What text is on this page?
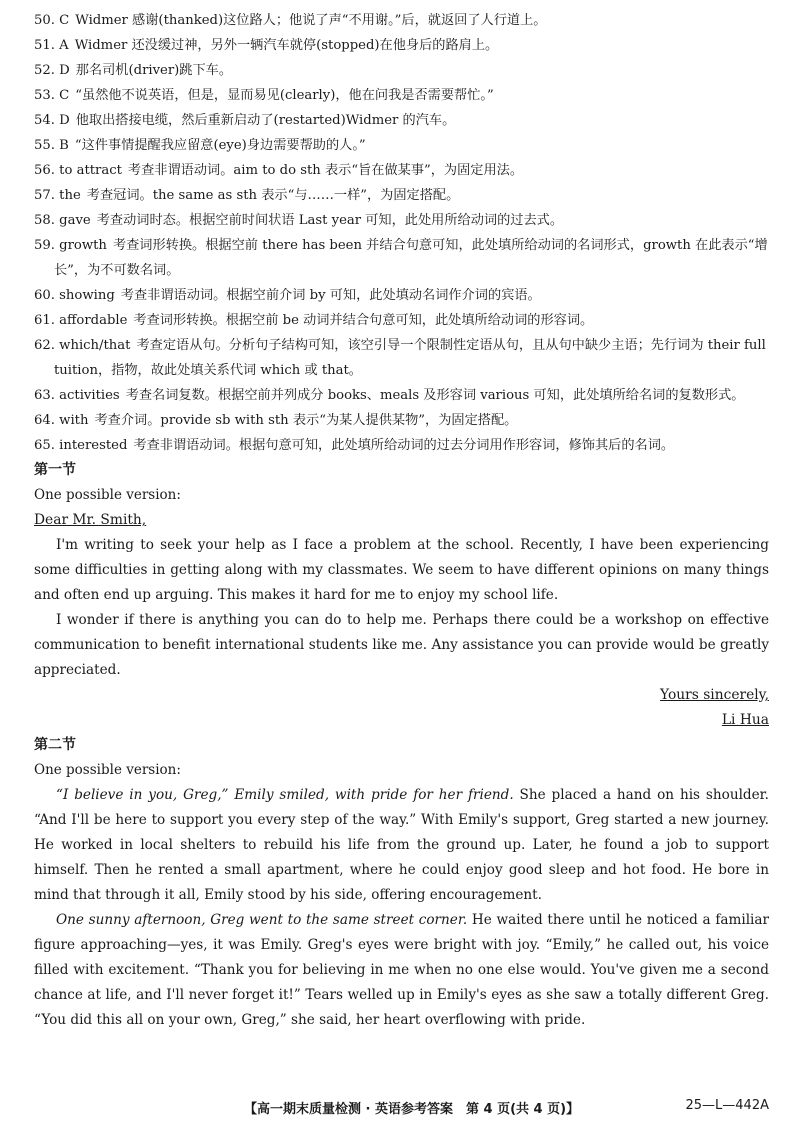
50. C Widmer 感谢(thanked)这位路人；他说了声“不用谢。”后，就返回了人行道上。

51. A Widmer 还没缓过神，另外一辆汽车就停(stopped)在他身后的路肩上。

52. D 那名司机(driver)跳下车。

53. C “虽然他不说英语，但是，显而易见(clearly)，他在问我是否需要帮忙。”

54. D 他取出搭接电缆，然后重新启动了(restarted)Widmer 的汽车。

55. B “这件事情提醒我应留意(eye)身边需要帮助的人。”

56. to attract 考查非谓语动词。aim to do sth 表示“旨在做某事”，为固定用法。

57. the 考查冠词。the same as sth 表示“与……一样”，为固定搭配。

58. gave 考查动词时态。根据空前时间状语 Last year 可知，此处用所给动词的过去式。

59. growth 考查词形转换。根据空前 there has been 并结合句意可知，此处填所给动词的名词形式，growth 在此表示“增长”，为不可数名词。

60. showing 考查非谓语动词。根据空前介词 by 可知，此处填动名词作介词的宾语。

61. affordable 考查词形转换。根据空前 be 动词并结合句意可知，此处填所给动词的形容词。

62. which/that 考查定语从句。分析句子结构可知，该空引导一个限制性定语从句，且从句中缺少主语；先行词为 their full tuition，指物，故此处填关系代词 which 或 that。

63. activities 考查名词复数。根据空前并列成分 books、meals 及形容词 various 可知，此处填所给名词的复数形式。

64. with 考查介词。provide sb with sth 表示“为某人提供某物”，为固定搭配。

65. interested 考查非谓语动词。根据句意可知，此处填所给动词的过去分词用作形容词，修饰其后的名词。

第一节

One possible version:

Dear Mr. Smith,

I'm writing to seek your help as I face a problem at the school. Recently, I have been experiencing some difficulties in getting along with my classmates. We seem to have different opinions on many things and often end up arguing. This makes it hard for me to enjoy my school life.

I wonder if there is anything you can do to help me. Perhaps there could be a workshop on effective communication to benefit international students like me. Any assistance you can provide would be greatly appreciated.

Yours sincerely,

Li Hua

第二节

One possible version:

“I believe in you, Greg,” Emily smiled, with pride for her friend. She placed a hand on his shoulder. “And I'll be here to support you every step of the way.” With Emily's support, Greg started a new journey. He worked in local shelters to rebuild his life from the ground up. Later, he found a job to support himself. Then he rented a small apartment, where he could enjoy good sleep and hot food. He bore in mind that through it all, Emily stood by his side, offering encouragement.

One sunny afternoon, Greg went to the same street corner. He waited there until he noticed a familiar figure approaching—yes, it was Emily. Greg's eyes were bright with joy. “Emily,” he called out, his voice filled with excitement. “Thank you for believing in me when no one else would. You've given me a second chance at life, and I'll never forget it!” Tears welled up in Emily's eyes as she saw a totally different Greg. “You did this all on your own, Greg,” she said, her heart overflowing with pride.

【高一期末质量检测 · 英语参考答案　第 4 页(共 4 页)】	25—L—442A
